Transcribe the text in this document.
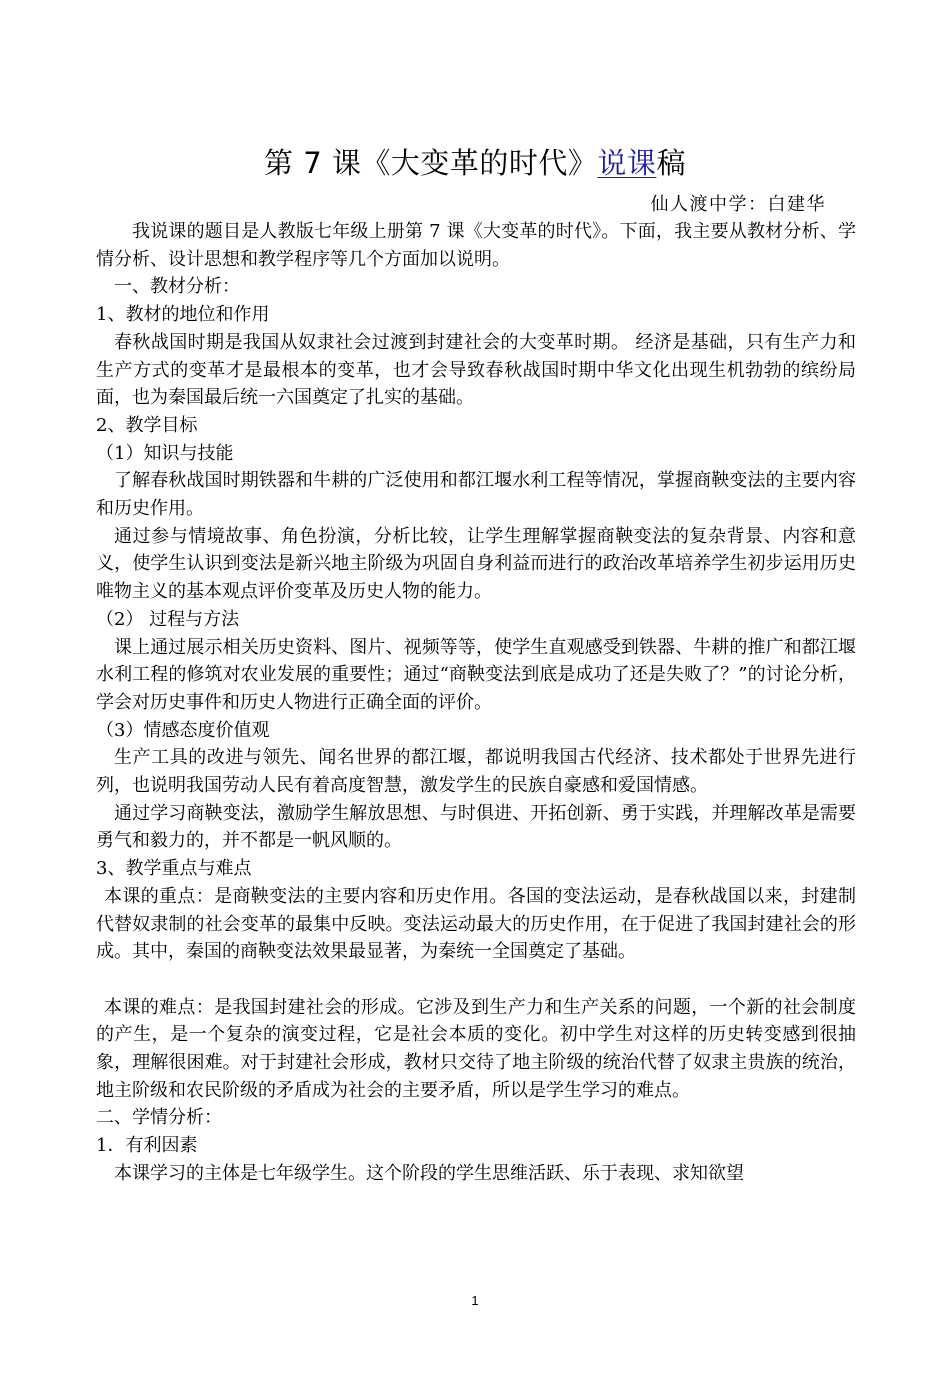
第 7 课《大变革的时代》说课稿
仙人渡中学：白建华

我说课的题目是人教版七年级上册第 7 课《大变革的时代》。下面，我主要从教材分析、学情分析、设计思想和教学程序等几个方面加以说明。

一、教材分析：

1、教材的地位和作用

春秋战国时期是我国从奴隶社会过渡到封建社会的大变革时期。 经济是基础，只有生产力和生产方式的变革才是最根本的变革，也才会导致春秋战国时期中华文化出现生机勃勃的缤纷局面，也为秦国最后统一六国奠定了扎实的基础。

2、教学目标

（1）知识与技能

了解春秋战国时期铁器和牛耕的广泛使用和都江堰水利工程等情况，掌握商鞅变法的主要内容和历史作用。

通过参与情境故事、角色扮演，分析比较，让学生理解掌握商鞅变法的复杂背景、内容和意义，使学生认识到变法是新兴地主阶级为巩固自身利益而进行的政治改革培养学生初步运用历史唯物主义的基本观点评价变革及历史人物的能力。

（2） 过程与方法

课上通过展示相关历史资料、图片、视频等等，使学生直观感受到铁器、牛耕的推广和都江堰水利工程的修筑对农业发展的重要性；通过“商鞅变法到底是成功了还是失败了？”的讨论分析，学会对历史事件和历史人物进行正确全面的评价。

（3）情感态度价值观

生产工具的改进与领先、闻名世界的都江堰，都说明我国古代经济、技术都处于世界先进行列，也说明我国劳动人民有着高度智慧，激发学生的民族自豪感和爱国情感。

通过学习商鞅变法，激励学生解放思想、与时俱进、开拓创新、勇于实践，并理解改革是需要勇气和毅力的，并不都是一帆风顺的。

3、教学重点与难点

本课的重点：是商鞅变法的主要内容和历史作用。各国的变法运动，是春秋战国以来，封建制代替奴隶制的社会变革的最集中反映。变法运动最大的历史作用，在于促进了我国封建社会的形成。其中，秦国的商鞅变法效果最显著，为秦统一全国奠定了基础。

本课的难点：是我国封建社会的形成。它涉及到生产力和生产关系的问题，一个新的社会制度的产生，是一个复杂的演变过程，它是社会本质的变化。初中学生对这样的历史转变感到很抽象，理解很困难。对于封建社会形成，教材只交待了地主阶级的统治代替了奴隶主贵族的统治，地主阶级和农民阶级的矛盾成为社会的主要矛盾，所以是学生学习的难点。

二、学情分析：

1．有利因素

本课学习的主体是七年级学生。这个阶段的学生思维活跃、乐于表现、求知欲望

1
